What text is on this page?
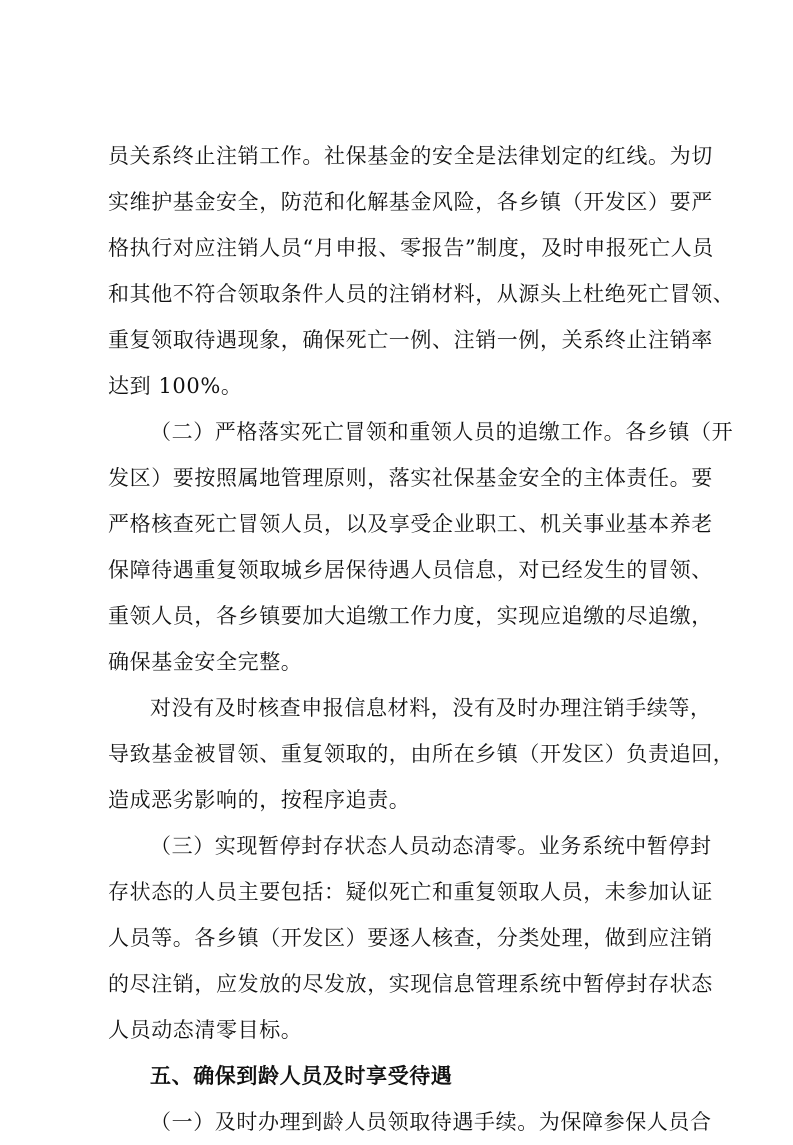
员关系终止注销工作。社保基金的安全是法律划定的红线。为切
实维护基金安全，防范和化解基金风险，各乡镇（开发区）要严
格执行对应注销人员“月申报、零报告”制度，及时申报死亡人员
和其他不符合领取条件人员的注销材料，从源头上杜绝死亡冒领、
重复领取待遇现象，确保死亡一例、注销一例，关系终止注销率
达到 100%。
（二）严格落实死亡冒领和重领人员的追缴工作。各乡镇（开
发区）要按照属地管理原则，落实社保基金安全的主体责任。要
严格核查死亡冒领人员，以及享受企业职工、机关事业基本养老
保障待遇重复领取城乡居保待遇人员信息，对已经发生的冒领、
重领人员，各乡镇要加大追缴工作力度，实现应追缴的尽追缴，
确保基金安全完整。
对没有及时核查申报信息材料，没有及时办理注销手续等，
导致基金被冒领、重复领取的，由所在乡镇（开发区）负责追回，
造成恶劣影响的，按程序追责。
（三）实现暂停封存状态人员动态清零。业务系统中暂停封
存状态的人员主要包括：疑似死亡和重复领取人员，未参加认证
人员等。各乡镇（开发区）要逐人核查，分类处理，做到应注销
的尽注销，应发放的尽发放，实现信息管理系统中暂停封存状态
人员动态清零目标。
五、确保到龄人员及时享受待遇
（一）及时办理到龄人员领取待遇手续。为保障参保人员合
